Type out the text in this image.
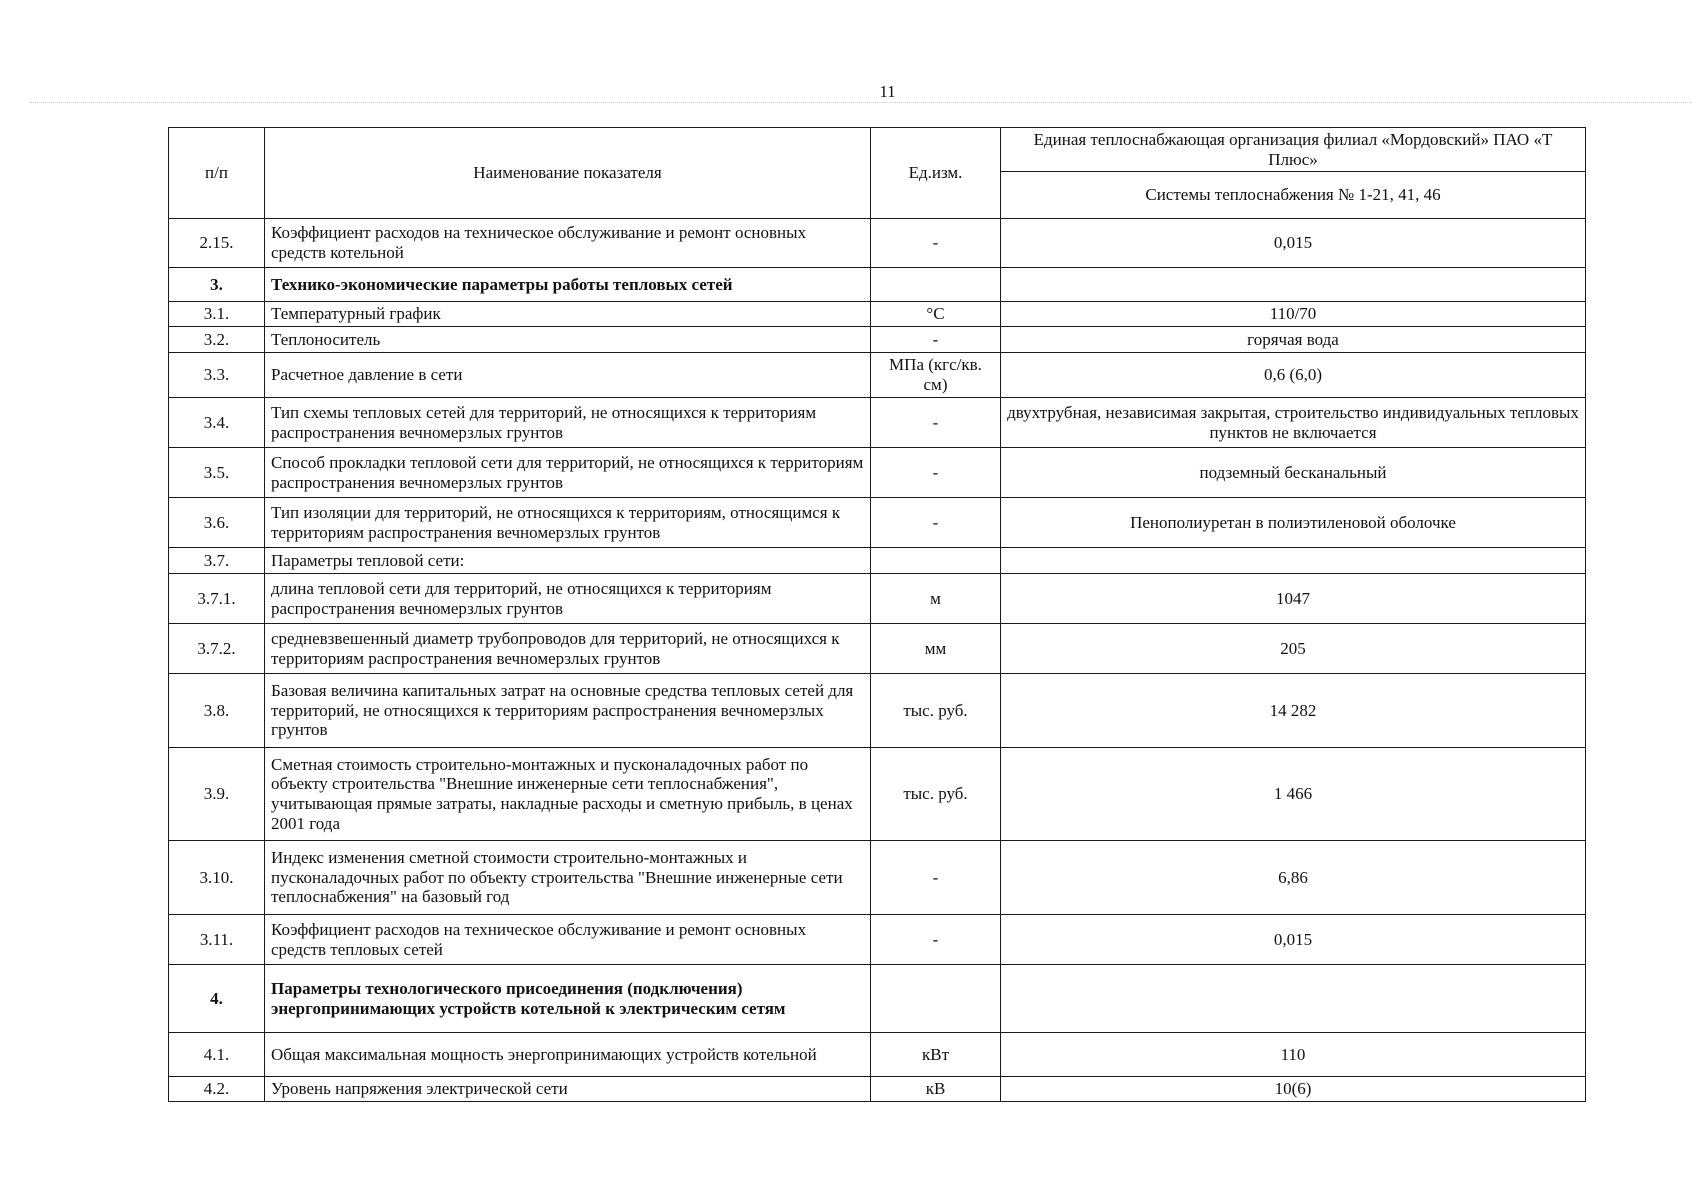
11
п/п	Наименование показателя	Ед.изм.	Единая теплоснабжающая организация филиал «Мордовский» ПАО «Т Плюс»
			Системы теплоснабжения № 1-21, 41, 46
2.15.	Коэффициент расходов на техническое обслуживание и ремонт основных средств котельной	-	0,015
3.	Технико-экономические параметры работы тепловых сетей		
3.1.	Температурный график	°С	110/70
3.2.	Теплоноситель	-	горячая вода
3.3.	Расчетное давление в сети	МПа (кгс/кв. см)	0,6 (6,0)
3.4.	Тип схемы тепловых сетей для территорий, не относящихся к территориям распространения вечномерзлых грунтов	-	двухтрубная, независимая закрытая, строительство индивидуальных тепловых пунктов не включается
3.5.	Способ прокладки тепловой сети для территорий, не относящихся к территориям распространения вечномерзлых грунтов	-	подземный бесканальный
3.6.	Тип изоляции для территорий, не относящихся к территориям, относящимся к территориям распространения вечномерзлых грунтов	-	Пенополиуретан в полиэтиленовой оболочке
3.7.	Параметры тепловой сети:		
3.7.1.	длина тепловой сети для территорий, не относящихся к территориям распространения вечномерзлых грунтов	м	1047
3.7.2.	средневзвешенный диаметр трубопроводов для территорий, не относящихся к территориям распространения вечномерзлых грунтов	мм	205
3.8.	Базовая величина капитальных затрат на основные средства тепловых сетей для территорий, не относящихся к территориям распространения вечномерзлых грунтов	тыс. руб.	14 282
3.9.	Сметная стоимость строительно-монтажных и пусконаладочных работ по объекту строительства "Внешние инженерные сети теплоснабжения", учитывающая прямые затраты, накладные расходы и сметную прибыль, в ценах 2001 года	тыс. руб.	1 466
3.10.	Индекс изменения сметной стоимости строительно-монтажных и пусконаладочных работ по объекту строительства "Внешние инженерные сети теплоснабжения" на базовый год	-	6,86
3.11.	Коэффициент расходов на техническое обслуживание и ремонт основных средств тепловых сетей	-	0,015
4.	Параметры технологического присоединения (подключения) энергопринимающих устройств котельной к электрическим сетям		
4.1.	Общая максимальная мощность энергопринимающих устройств котельной	кВт	110
4.2.	Уровень напряжения электрической сети	кВ	10(6)
